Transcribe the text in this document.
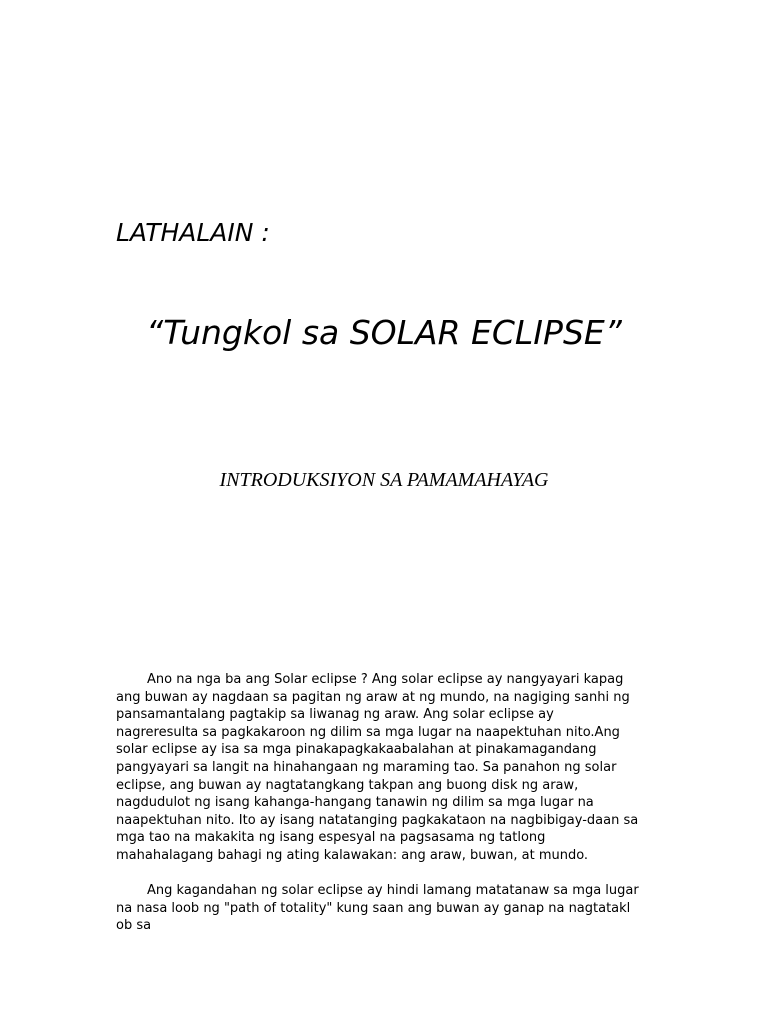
LATHALAIN :
“Tungkol sa SOLAR ECLIPSE”
INTRODUKSIYON SA PAMAMAHAYAG

Ano na nga ba ang Solar eclipse ? Ang solar eclipse ay nangyayari kapag ang buwan ay nagdaan sa pagitan ng araw at ng mundo, na nagiging sanhi ng pansamantalang pagtakip sa liwanag ng araw. Ang solar eclipse ay nagreresulta sa pagkakaroon ng dilim sa mga lugar na naapektuhan nito.Ang solar eclipse ay isa sa mga pinakapagkakaabalahan at pinakamagandang pangyayari sa langit na hinahangaan ng maraming tao. Sa panahon ng solar eclipse, ang buwan ay nagtatangkang takpan ang buong disk ng araw, nagdudulot ng isang kahanga-hangang tanawin ng dilim sa mga lugar na naapektuhan nito. Ito ay isang natatanging pagkakataon na nagbibigay-daan sa mga tao na makakita ng isang espesyal na pagsasama ng tatlong mahahalagang bahagi ng ating kalawakan: ang araw, buwan, at mundo.

Ang kagandahan ng solar eclipse ay hindi lamang matatanaw sa mga lugar na nasa loob ng "path of totality" kung saan ang buwan ay ganap na nagtatakl​ob sa
